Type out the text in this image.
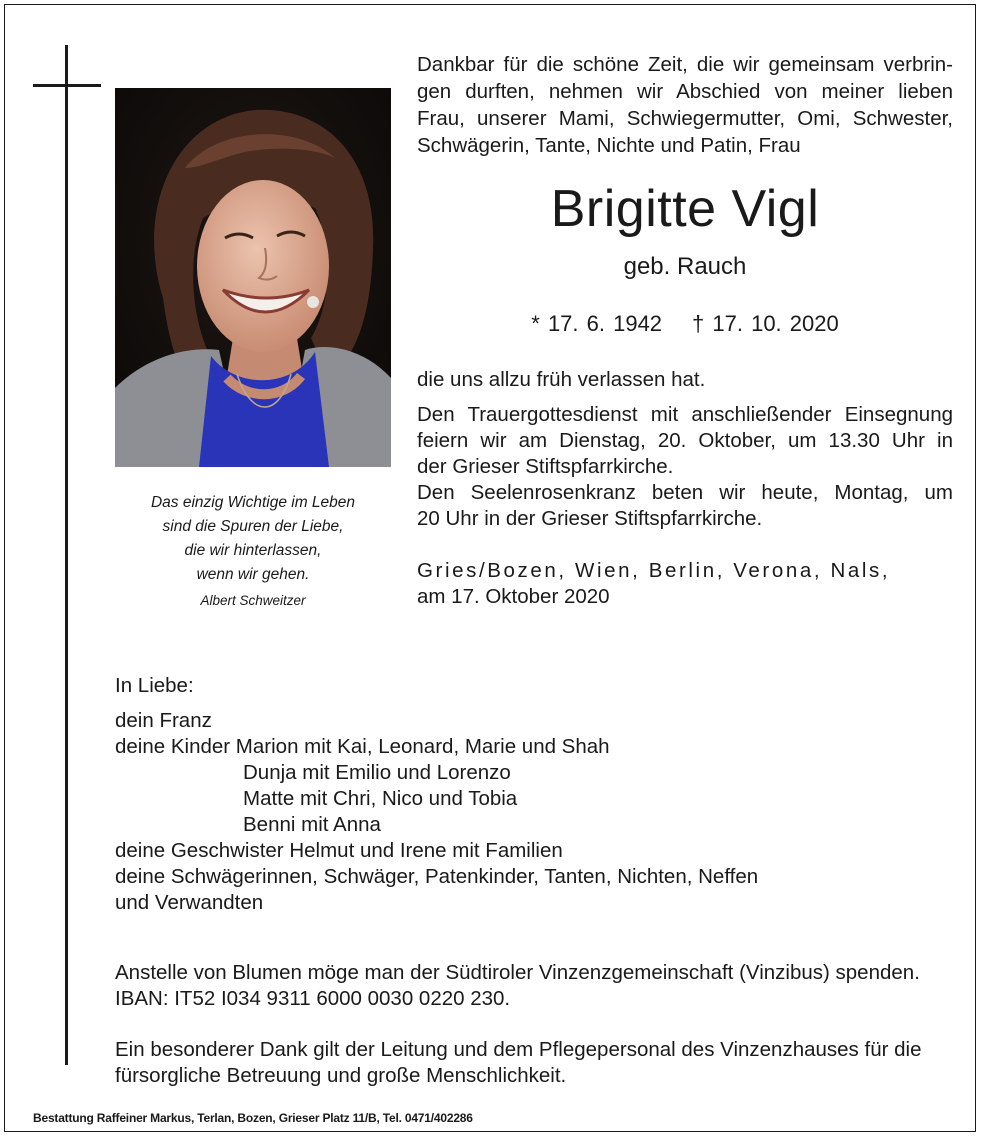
Das einzig Wichtige im Leben
sind die Spuren der Liebe,
die wir hinterlassen,
wenn wir gehen.
Albert Schweitzer
Dankbar für die schöne Zeit, die wir gemeinsam verbrin-
gen durften, nehmen wir Abschied von meiner lieben
Frau, unserer Mami, Schwiegermutter, Omi, Schwester,
Schwägerin, Tante, Nichte und Patin, Frau
Brigitte Vigl
geb. Rauch
* 17. 6. 1942 † 17. 10. 2020
die uns allzu früh verlassen hat.
Den Trauergottesdienst mit anschließender Einsegnung
feiern wir am Dienstag, 20. Oktober, um 13.30 Uhr in
der Grieser Stiftspfarrkirche.
Den Seelenrosenkranz beten wir heute, Montag, um
20 Uhr in der Grieser Stiftspfarrkirche.
Gries/Bozen, Wien, Berlin, Verona, Nals,
am 17. Oktober 2020
In Liebe:
dein Franz
deine Kinder Marion mit Kai, Leonard, Marie und Shah
Dunja mit Emilio und Lorenzo
Matte mit Chri, Nico und Tobia
Benni mit Anna
deine Geschwister Helmut und Irene mit Familien
deine Schwägerinnen, Schwäger, Patenkinder, Tanten, Nichten, Neffen
und Verwandten
Anstelle von Blumen möge man der Südtiroler Vinzenzgemeinschaft (Vinzibus) spenden.
IBAN: IT52 I034 9311 6000 0030 0220 230.
Ein besonderer Dank gilt der Leitung und dem Pflegepersonal des Vinzenzhauses für die
fürsorgliche Betreuung und große Menschlichkeit.
Bestattung Raffeiner Markus, Terlan, Bozen, Grieser Platz 11/B, Tel. 0471/402286
